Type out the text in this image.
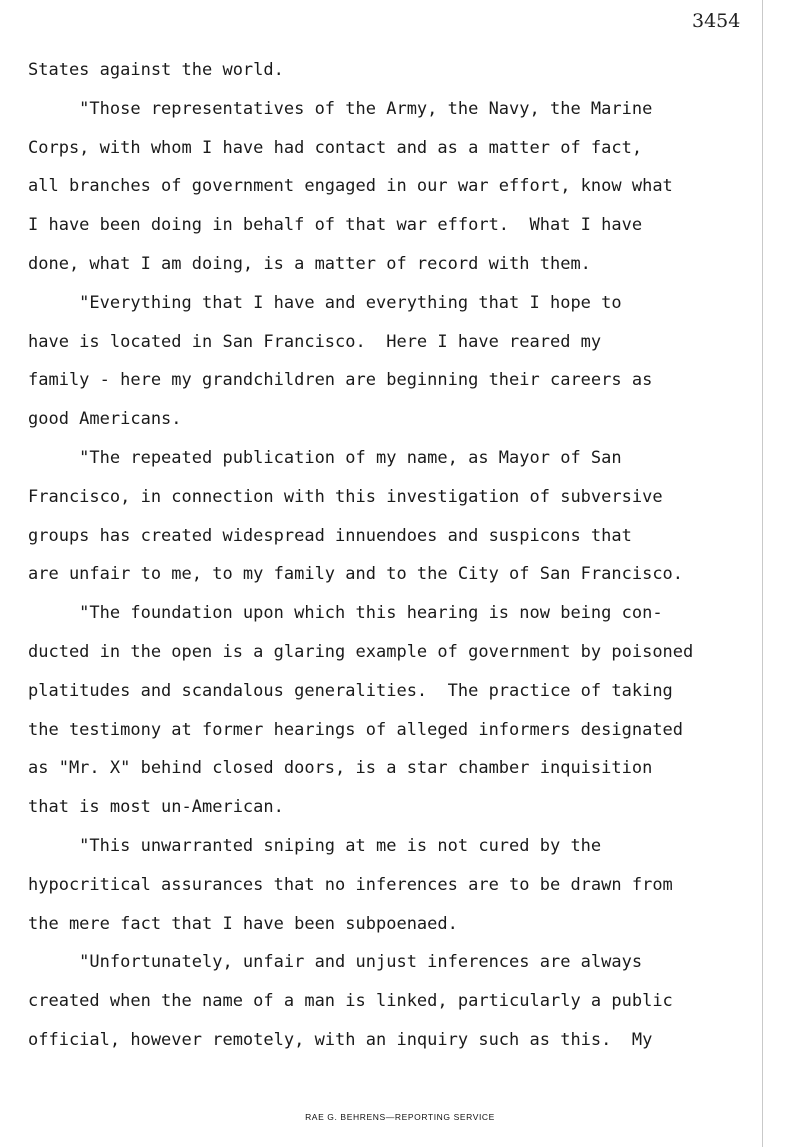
3454
States against the world.
"Those representatives of the Army, the Navy, the Marine
Corps, with whom I have had contact and as a matter of fact,
all branches of government engaged in our war effort, know what
I have been doing in behalf of that war effort.  What I have
done, what I am doing, is a matter of record with them.
"Everything that I have and everything that I hope to
have is located in San Francisco.  Here I have reared my
family - here my grandchildren are beginning their careers as
good Americans.
"The repeated publication of my name, as Mayor of San
Francisco, in connection with this investigation of subversive
groups has created widespread innuendoes and suspicons that
are unfair to me, to my family and to the City of San Francisco.
"The foundation upon which this hearing is now being con-
ducted in the open is a glaring example of government by poisoned
platitudes and scandalous generalities.  The practice of taking
the testimony at former hearings of alleged informers designated
as "Mr. X" behind closed doors, is a star chamber inquisition
that is most un-American.
"This unwarranted sniping at me is not cured by the
hypocritical assurances that no inferences are to be drawn from
the mere fact that I have been subpoenaed.
"Unfortunately, unfair and unjust inferences are always
created when the name of a man is linked, particularly a public
official, however remotely, with an inquiry such as this.  My
RAE G. BEHRENS—REPORTING SERVICE
